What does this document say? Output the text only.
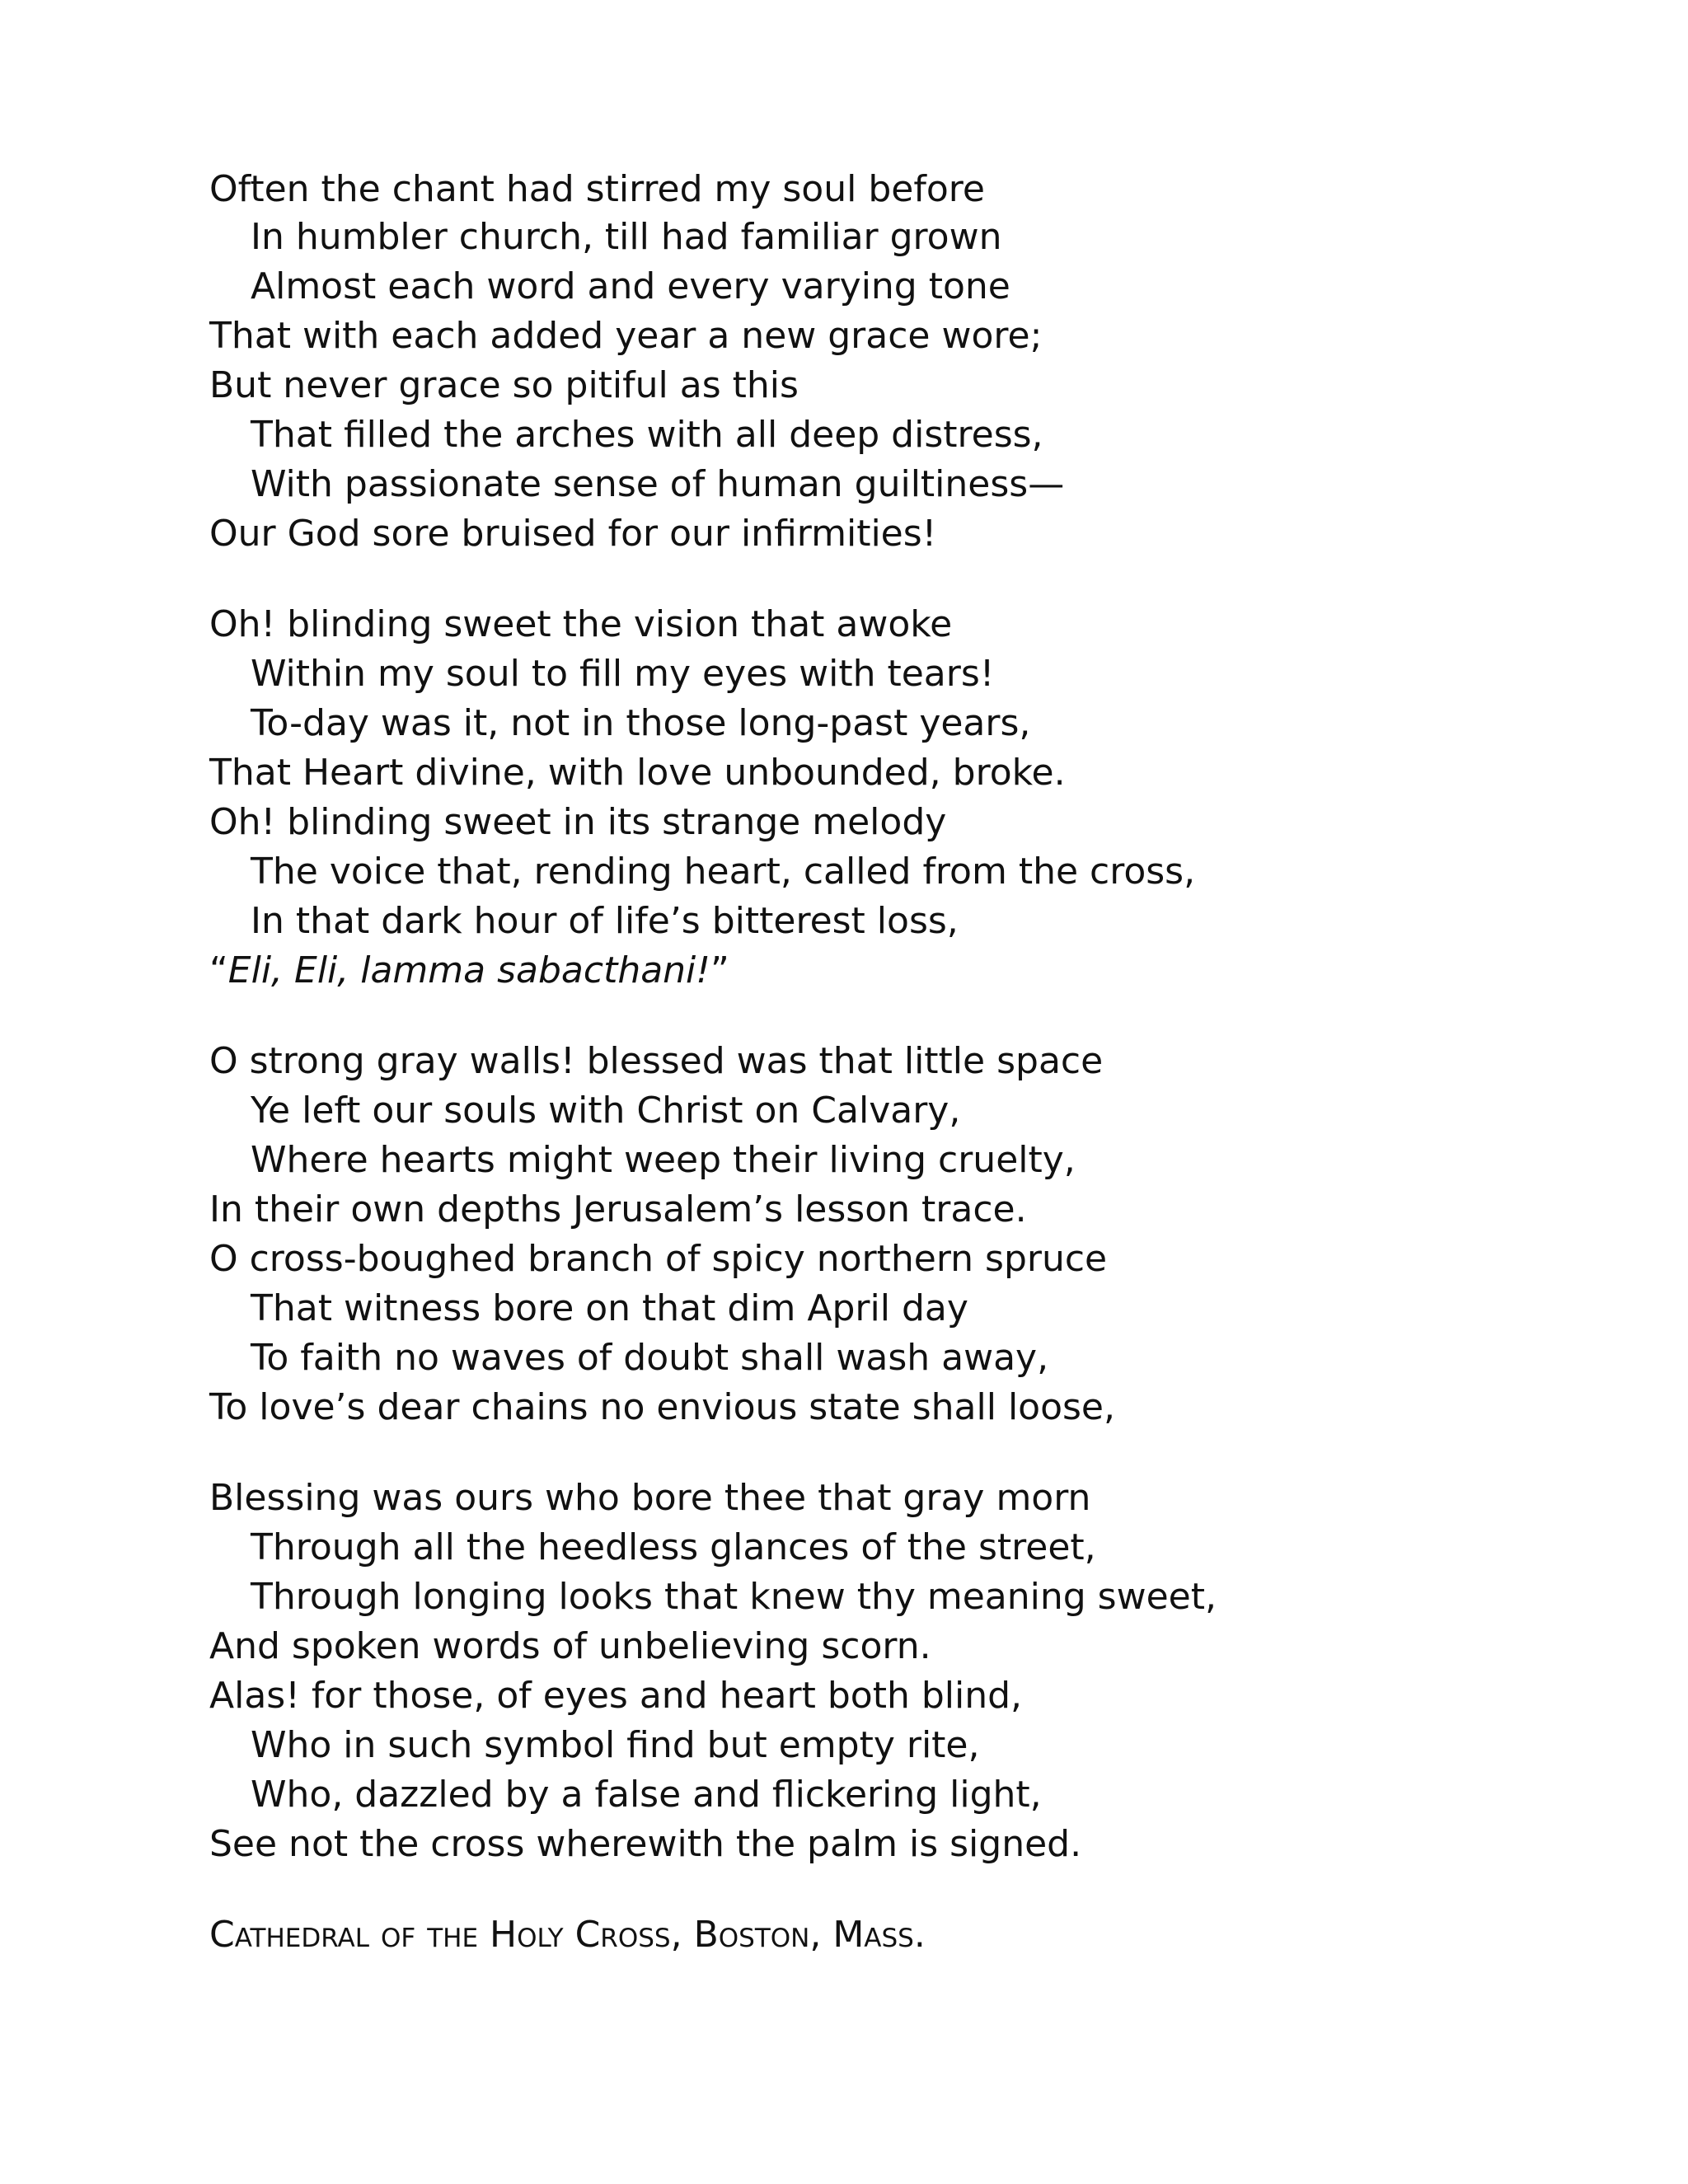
Often the chant had stirred my soul before
In humbler church, till had familiar grown
Almost each word and every varying tone
That with each added year a new grace wore;
But never grace so pitiful as this
That filled the arches with all deep distress,
With passionate sense of human guiltiness—
Our God sore bruised for our infirmities!
Oh! blinding sweet the vision that awoke
Within my soul to fill my eyes with tears!
To-day was it, not in those long-past years,
That Heart divine, with love unbounded, broke.
Oh! blinding sweet in its strange melody
The voice that, rending heart, called from the cross,
In that dark hour of life’s bitterest loss,
“Eli, Eli, lamma sabacthani!”
O strong gray walls! blessed was that little space
Ye left our souls with Christ on Calvary,
Where hearts might weep their living cruelty,
In their own depths Jerusalem’s lesson trace.
O cross-boughed branch of spicy northern spruce
That witness bore on that dim April day
To faith no waves of doubt shall wash away,
To love’s dear chains no envious state shall loose,
Blessing was ours who bore thee that gray morn
Through all the heedless glances of the street,
Through longing looks that knew thy meaning sweet,
And spoken words of unbelieving scorn.
Alas! for those, of eyes and heart both blind,
Who in such symbol find but empty rite,
Who, dazzled by a false and flickering light,
See not the cross wherewith the palm is signed.
Cathedral of the Holy Cross, Boston, Mass.
